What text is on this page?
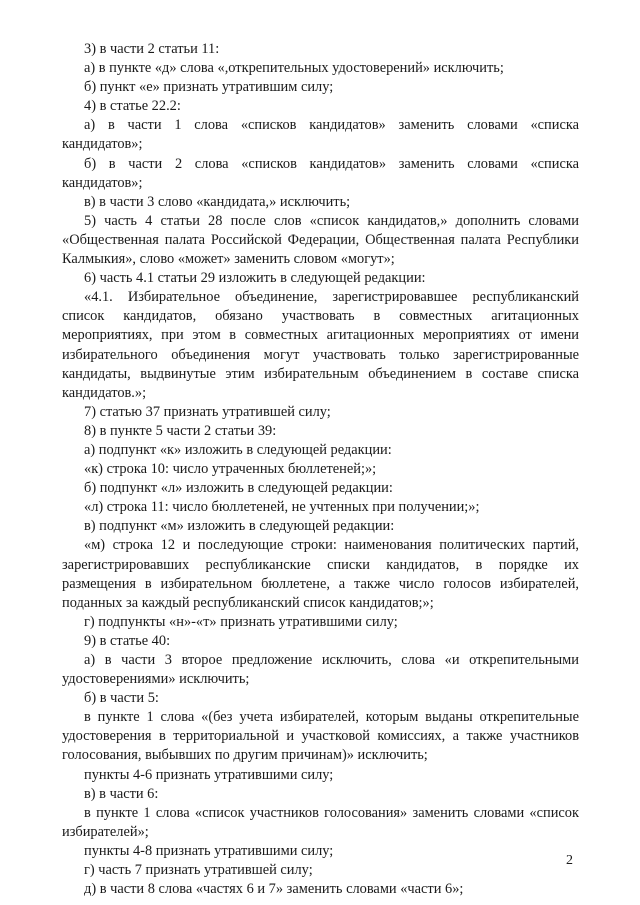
3) в части 2 статьи 11:

а) в пункте «д» слова «,открепительных удостоверений» исключить;

б) пункт «е» признать утратившим силу;

4) в статье 22.2:

а) в части 1 слова «списков кандидатов» заменить словами «списка кандидатов»;

б) в части 2 слова «списков кандидатов» заменить словами «списка кандидатов»;

в) в части 3 слово «кандидата,» исключить;

5) часть 4 статьи 28 после слов «список кандидатов,» дополнить словами «Общественная палата Российской Федерации, Общественная палата Республики Калмыкия», слово «может» заменить словом «могут»;

6) часть 4.1 статьи 29 изложить в следующей редакции:

«4.1. Избирательное объединение, зарегистрировавшее республиканский список кандидатов, обязано участвовать в совместных агитационных мероприятиях, при этом в совместных агитационных мероприятиях от имени избирательного объединения могут участвовать только зарегистрированные кандидаты, выдвинутые этим избирательным объединением в составе списка кандидатов.»;

7) статью 37 признать утратившей силу;

8) в пункте 5 части 2 статьи 39:

а) подпункт «к» изложить в следующей редакции:

«к) строка 10: число утраченных бюллетеней;»;

б) подпункт «л» изложить в следующей редакции:

«л) строка 11: число бюллетеней, не учтенных при получении;»;

в) подпункт «м» изложить в следующей редакции:

«м) строка 12 и последующие строки: наименования политических партий, зарегистрировавших республиканские списки кандидатов, в порядке их размещения в избирательном бюллетене, а также число голосов избирателей, поданных за каждый республиканский список кандидатов;»;

г) подпункты «н»-«т» признать утратившими силу;

9) в статье 40:

а) в части 3 второе предложение исключить, слова «и открепительными удостоверениями» исключить;

б) в части 5:

в пункте 1 слова «(без учета избирателей, которым выданы открепительные удостоверения в территориальной и участковой комиссиях, а также участников голосования, выбывших по другим причинам)» исключить;

пункты 4-6 признать утратившими силу;

в) в части 6:

в пункте 1 слова «список участников голосования» заменить словами «список избирателей»;

пункты 4-8 признать утратившими силу;

г) часть 7 признать утратившей силу;

д) в части 8 слова «частях 6 и 7» заменить словами «части 6»;

2
